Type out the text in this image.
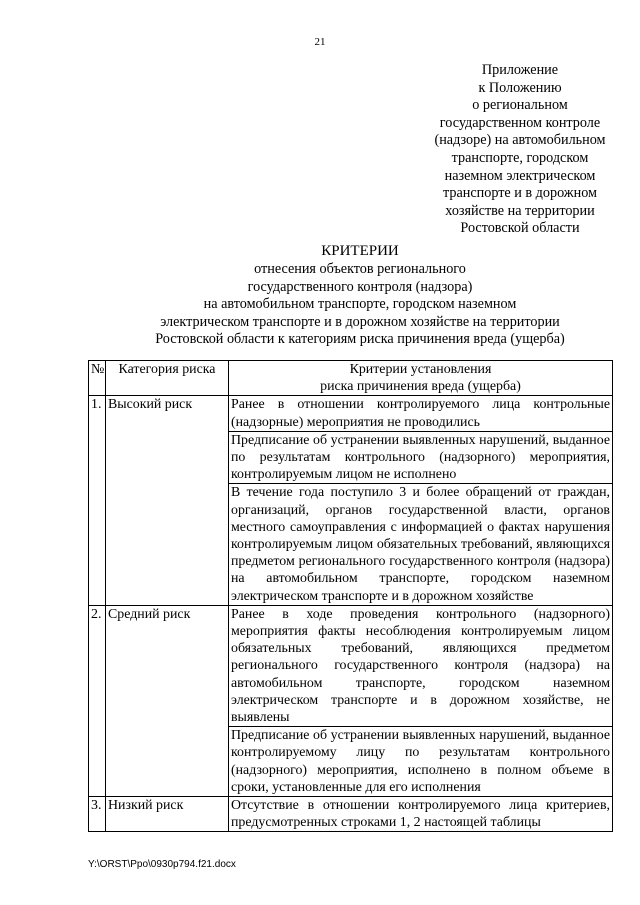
21
Приложение
к Положению
о региональном
государственном контроле
(надзоре) на автомобильном
транспорте, городском
наземном электрическом
транспорте и в дорожном
хозяйстве на территории
Ростовской области
КРИТЕРИИ
отнесения объектов регионального
государственного контроля (надзора)
на автомобильном транспорте, городском наземном
электрическом транспорте и в дорожном хозяйстве на территории
Ростовской области к категориям риска причинения вреда (ущерба)
№	Категория риска	Критерии установления
риска причинения вреда (ущерба)

1.	Высокий риск	Ранее в отношении контролируемого лица контрольные (надзорные) мероприятия не проводились
		Предписание об устранении выявленных нарушений, выданное по результатам контрольного (надзорного) мероприятия, контролируемым лицом не исполнено
		В течение года поступило 3 и более обращений от граждан, организаций, органов государственной власти, органов местного самоуправления с информацией о фактах нарушения контролируемым лицом обязательных требований, являющихся предметом регионального государственного контроля (надзора) на автомобильном транспорте, городском наземном электрическом транспорте и в дорожном хозяйстве
2.	Средний риск	Ранее в ходе проведения контрольного (надзорного) мероприятия факты несоблюдения контролируемым лицом обязательных требований, являющихся предметом регионального государственного контроля (надзора) на автомобильном транспорте, городском наземном электрическом транспорте и в дорожном хозяйстве, не выявлены
		Предписание об устранении выявленных нарушений, выданное контролируемому лицу по результатам контрольного (надзорного) мероприятия, исполнено в полном объеме в сроки, установленные для его исполнения
3.	Низкий риск	Отсутствие в отношении контролируемого лица критериев, предусмотренных строками 1, 2 настоящей таблицы
Y:\ORST\Ppo\0930p794.f21.docx
